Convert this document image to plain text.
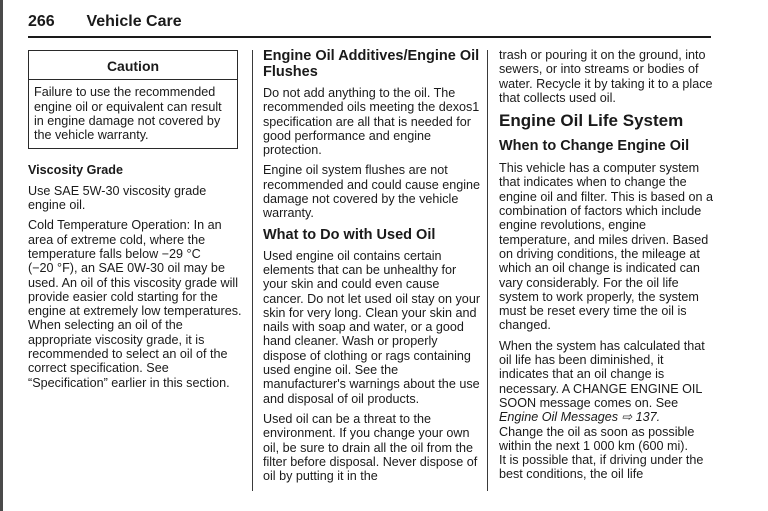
266 Vehicle Care
Caution
Failure to use the recommended engine oil or equivalent can result in engine damage not covered by the vehicle warranty.
Viscosity Grade

Use SAE 5W-30 viscosity grade engine oil.

Cold Temperature Operation: In an area of extreme cold, where the temperature falls below −29 °C (−20 °F), an SAE 0W-30 oil may be used. An oil of this viscosity grade will provide easier cold starting for the engine at extremely low temperatures. When selecting an oil of the appropriate viscosity grade, it is recommended to select an oil of the correct specification. See “Specification” earlier in this section.

Engine Oil Additives/Engine Oil Flushes

Do not add anything to the oil. The recommended oils meeting the dexos1 specification are all that is needed for good performance and engine protection.

Engine oil system flushes are not recommended and could cause engine damage not covered by the vehicle warranty.

What to Do with Used Oil

Used engine oil contains certain elements that can be unhealthy for your skin and could even cause cancer. Do not let used oil stay on your skin for very long. Clean your skin and nails with soap and water, or a good hand cleaner. Wash or properly dispose of clothing or rags containing used engine oil. See the manufacturer's warnings about the use and disposal of oil products.

Used oil can be a threat to the environment. If you change your own oil, be sure to drain all the oil from the filter before disposal. Never dispose of oil by putting it in the

trash or pouring it on the ground, into sewers, or into streams or bodies of water. Recycle it by taking it to a place that collects used oil.

Engine Oil Life System
When to Change Engine Oil

This vehicle has a computer system that indicates when to change the engine oil and filter. This is based on a combination of factors which include engine revolutions, engine temperature, and miles driven. Based on driving conditions, the mileage at which an oil change is indicated can vary considerably. For the oil life system to work properly, the system must be reset every time the oil is changed.

When the system has calculated that oil life has been diminished, it indicates that an oil change is necessary. A CHANGE ENGINE OIL SOON message comes on. See Engine Oil Messages ⇨ 137.
Change the oil as soon as possible within the next 1 000 km (600 mi).
It is possible that, if driving under the best conditions, the oil life
